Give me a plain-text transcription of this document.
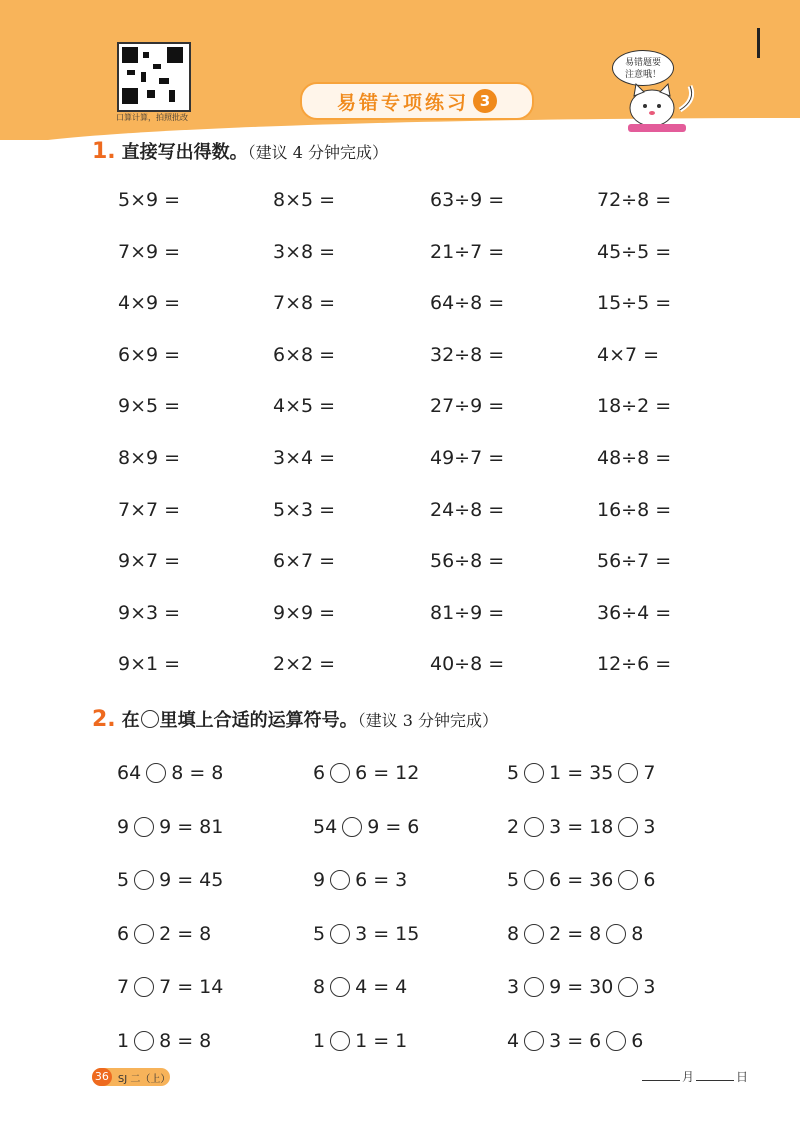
口算计算，拍照批改
易错专项练习 3
易错题要
注意哦！
1. 直接写出得数。（建议 4 分钟完成）
5×9 =	8×5 =	63÷9 =	72÷8 =
7×9 =	3×8 =	21÷7 =	45÷5 =
4×9 =	7×8 =	64÷8 =	15÷5 =
6×9 =	6×8 =	32÷8 =	4×7 =
9×5 =	4×5 =	27÷9 =	18÷2 =
8×9 =	3×4 =	49÷7 =	48÷8 =
7×7 =	5×3 =	24÷8 =	16÷8 =
9×7 =	6×7 =	56÷8 =	56÷7 =
9×3 =	9×9 =	81÷9 =	36÷4 =
9×1 =	2×2 =	40÷8 =	12÷6 =
2. 在 里填上合适的运算符号。（建议 3 分钟完成）
64 8 = 8	6 6 = 12	5 1 = 35 7
9 9 = 81	54 9 = 6	2 3 = 18 3
5 9 = 45	9 6 = 3	5 6 = 36 6
6 2 = 8	5 3 = 15	8 2 = 8 8
7 7 = 14	8 4 = 4	3 9 = 30 3
1 8 = 8	1 1 = 1	4 3 = 6 6
36 SJ 二（上）	月	日
